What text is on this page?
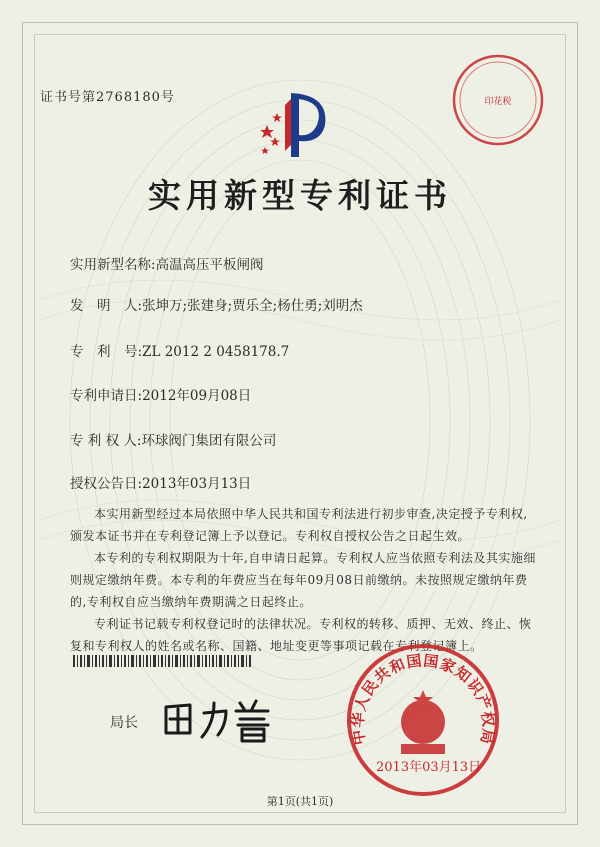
证书号第2768180号	印花税
实用新型专利证书
实用新型名称:高温高压平板闸阀
发　明　人:张坤万;张建身;贾乐全;杨仕勇;刘明杰
专　利　号:ZL 2012 2 0458178.7
专利申请日:2012年09月08日
专 利 权 人:环球阀门集团有限公司
授权公告日:2013年03月13日

本实用新型经过本局依照中华人民共和国专利法进行初步审查,决定授予专利权,颁发本证书并在专利登记簿上予以登记。专利权自授权公告之日起生效。

本专利的专利权期限为十年,自申请日起算。专利权人应当依照专利法及其实施细则规定缴纳年费。本专利的年费应当在每年09月08日前缴纳。未按照规定缴纳年费的,专利权自应当缴纳年费期满之日起终止。

专利证书记载专利权登记时的法律状况。专利权的转移、质押、无效、终止、恢复和专利权人的姓名或名称、国籍、地址变更等事项记载在专利登记簿上。

局长
中华人民共和国国家知识产权局
2013年03月13日
第1页(共1页)
